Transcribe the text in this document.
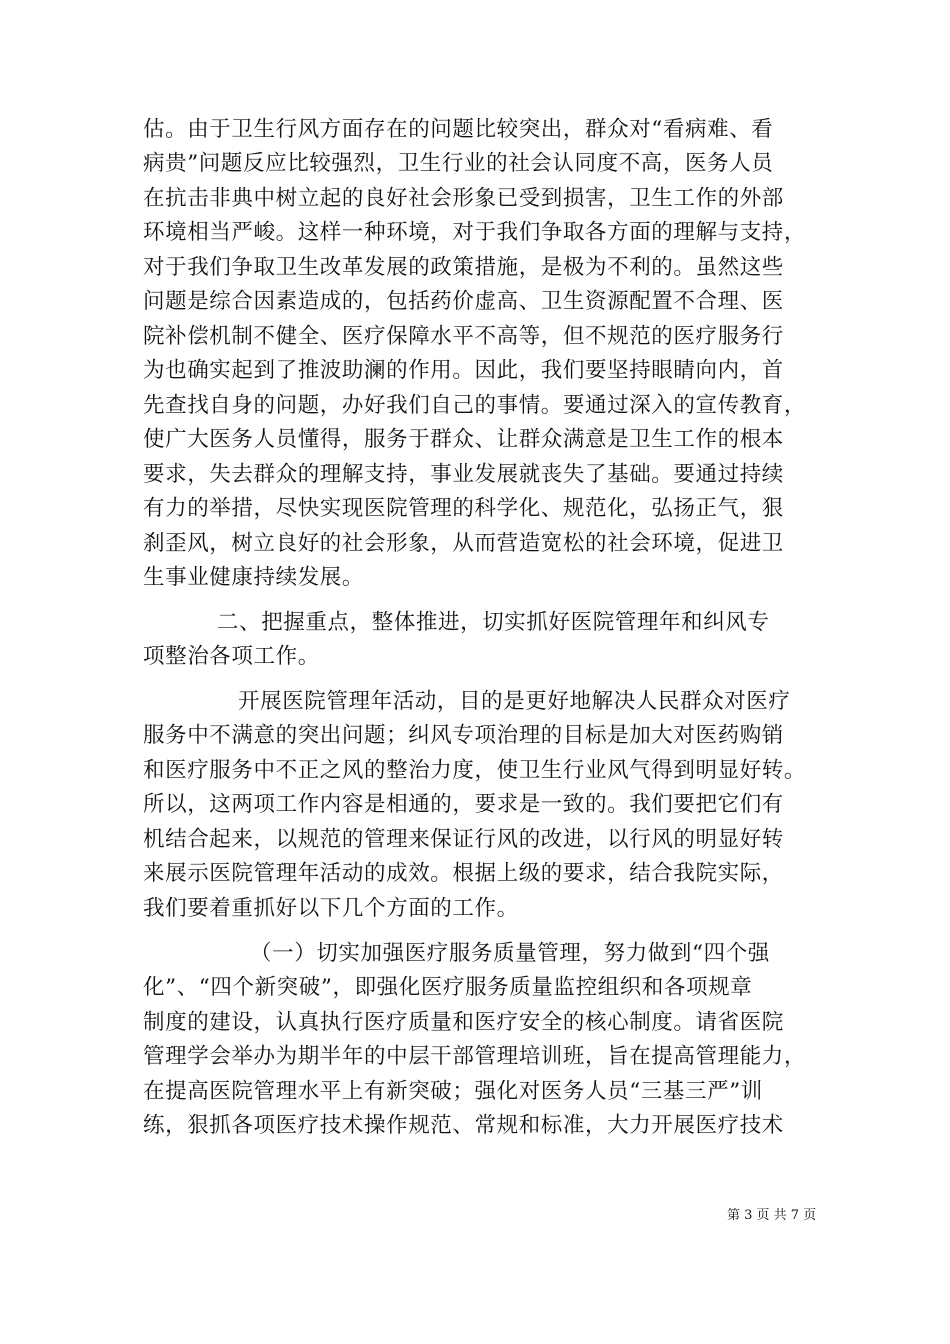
估。由于卫生行风方面存在的问题比较突出，群众对“看病难、看
病贵”问题反应比较强烈，卫生行业的社会认同度不高，医务人员
在抗击非典中树立起的良好社会形象已受到损害，卫生工作的外部
环境相当严峻。这样一种环境，对于我们争取各方面的理解与支持，
对于我们争取卫生改革发展的政策措施，是极为不利的。虽然这些
问题是综合因素造成的，包括药价虚高、卫生资源配置不合理、医
院补偿机制不健全、医疗保障水平不高等，但不规范的医疗服务行
为也确实起到了推波助澜的作用。因此，我们要坚持眼睛向内，首
先查找自身的问题，办好我们自己的事情。要通过深入的宣传教育，
使广大医务人员懂得，服务于群众、让群众满意是卫生工作的根本
要求，失去群众的理解支持，事业发展就丧失了基础。要通过持续
有力的举措，尽快实现医院管理的科学化、规范化，弘扬正气，狠
刹歪风，树立良好的社会形象，从而营造宽松的社会环境，促进卫
生事业健康持续发展。
二、把握重点，整体推进，切实抓好医院管理年和纠风专
项整治各项工作。
开展医院管理年活动，目的是更好地解决人民群众对医疗
服务中不满意的突出问题；纠风专项治理的目标是加大对医药购销
和医疗服务中不正之风的整治力度，使卫生行业风气得到明显好转。
所以，这两项工作内容是相通的，要求是一致的。我们要把它们有
机结合起来，以规范的管理来保证行风的改进，以行风的明显好转
来展示医院管理年活动的成效。根据上级的要求，结合我院实际，
我们要着重抓好以下几个方面的工作。
（一）切实加强医疗服务质量管理，努力做到“四个强
化”、“四个新突破”，即强化医疗服务质量监控组织和各项规章
制度的建设，认真执行医疗质量和医疗安全的核心制度。请省医院
管理学会举办为期半年的中层干部管理培训班，旨在提高管理能力，
在提高医院管理水平上有新突破；强化对医务人员“三基三严”训
练，狠抓各项医疗技术操作规范、常规和标准，大力开展医疗技术
第 3 页 共 7 页
